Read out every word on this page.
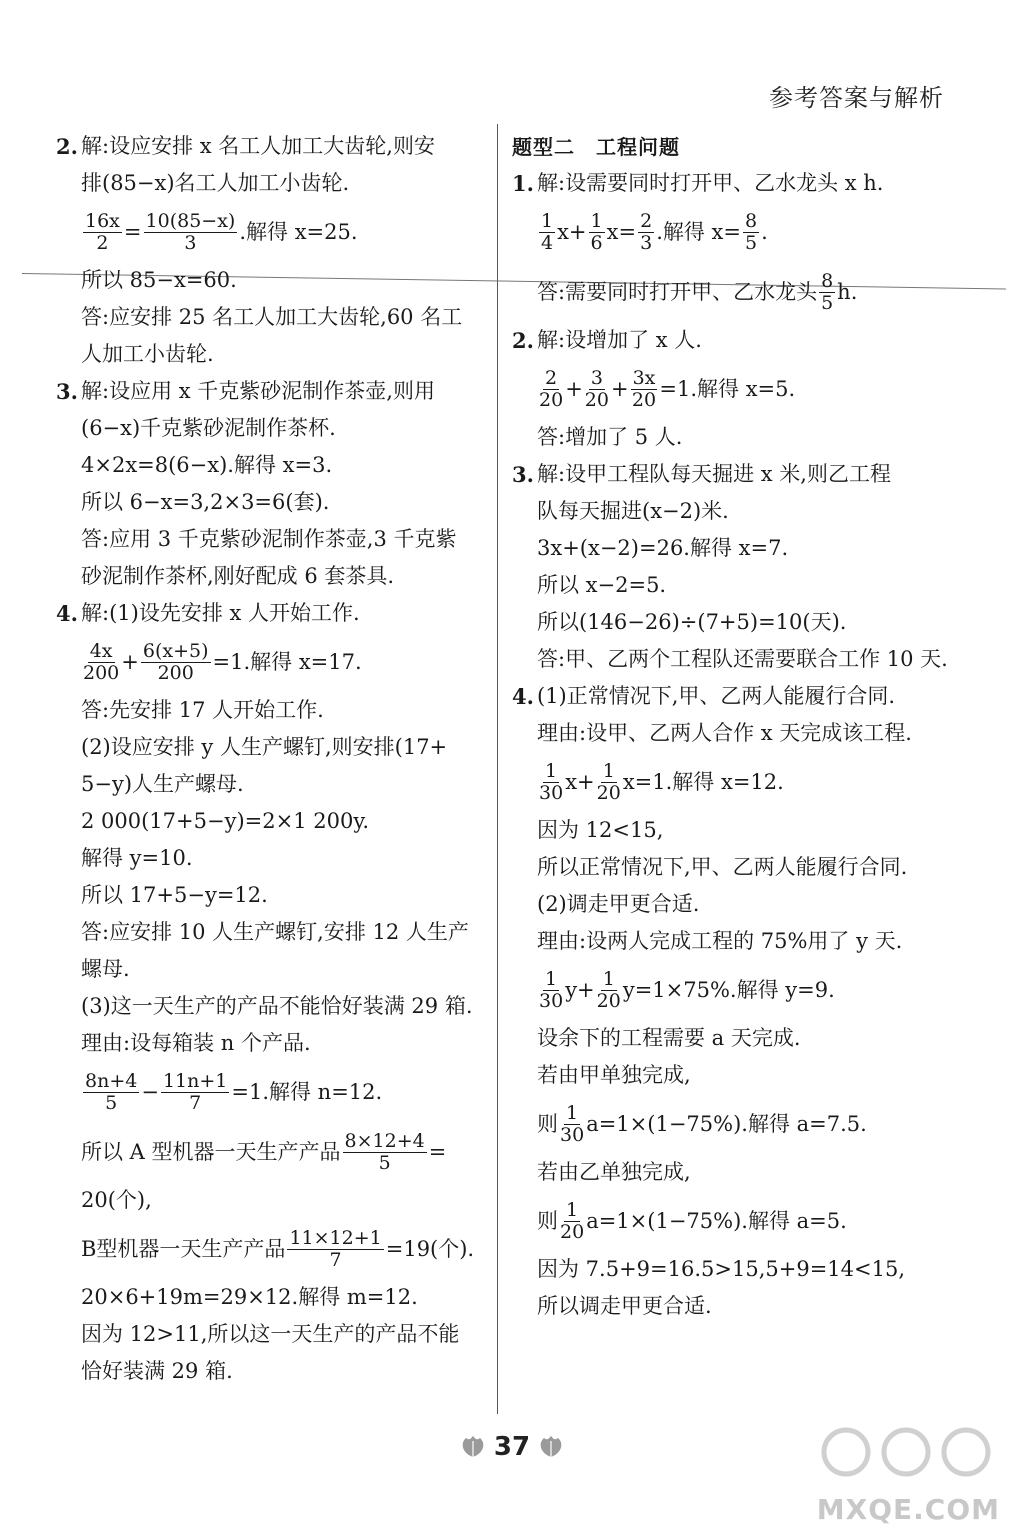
参考答案与解析
2. 解:设应安排 x 名工人加工大齿轮,则安
排(85−x)名工人加工小齿轮.
$\frac{16x}{2} = \frac{10(85-x)}{3}$ .解得 x=25.
所以 85−x=60.
答:应安排 25 名工人加工大齿轮,60 名工
人加工小齿轮.
3. 解:设应用 x 千克紫砂泥制作茶壶,则用
(6−x)千克紫砂泥制作茶杯.
4×2x=8(6−x).解得 x=3.
所以 6−x=3,2×3=6(套).
答:应用 3 千克紫砂泥制作茶壶,3 千克紫
砂泥制作茶杯,刚好配成 6 套茶具.
4. 解:(1)设先安排 x 人开始工作.
$\frac{4x}{200} + \frac{6(x+5)}{200} =1$.解得 x=17.
答:先安排 17 人开始工作.
(2)设应安排 y 人生产螺钉,则安排(17+
5−y)人生产螺母.
2 000(17+5−y)=2×1 200y.
解得 y=10.
所以 17+5−y=12.
答:应安排 10 人生产螺钉,安排 12 人生产
螺母.
(3)这一天生产的产品不能恰好装满 29 箱.
理由:设每箱装 n 个产品.
$\frac{8n+4}{5} - \frac{11n+1}{7} =1$.解得 n=12.
所以 A 型机器一天生产产品 $\frac{8\times 12+4}{5}$ =
20(个),
B型机器一天生产产品 $\frac{11\times 12+1}{7} =19$(个).
20×6+19m=29×12.解得 m=12.
因为 12>11,所以这一天生产的产品不能
恰好装满 29 箱.
题型二　工程问题
1. 解:设需要同时打开甲、乙水龙头 x h.
$\frac{1}{4} x+ \frac{1}{6} x= \frac{2}{3}$ .解得 $x= \frac{8}{5}$ .
答:需要同时打开甲、乙水龙头 $\frac{8}{5} h$.
2. 解:设增加了 x 人.
$\frac{2}{20} + \frac{3}{20} + \frac{3x}{20} =1$.解得 x=5.
答:增加了 5 人.
3. 解:设甲工程队每天掘进 x 米,则乙工程
队每天掘进(x−2)米.
3x+(x−2)=26.解得 x=7.
所以 x−2=5.
所以(146−26)÷(7+5)=10(天).
答:甲、乙两个工程队还需要联合工作 10 天.
4. (1)正常情况下,甲、乙两人能履行合同.
理由:设甲、乙两人合作 x 天完成该工程.
$\frac{1}{30} x+ \frac{1}{20} x=1$.解得 x=12.
因为 12<15,
所以正常情况下,甲、乙两人能履行合同.
(2)调走甲更合适.
理由:设两人完成工程的 75%用了 y 天.
$\frac{1}{30} y+ \frac{1}{20} y=1\times 75\%$.解得 y=9.
设余下的工程需要 a 天完成.
若由甲单独完成,
则 $\frac{1}{30} a=1\times(1-75\%)$.解得 a=7.5.
若由乙单独完成,
则 $\frac{1}{20} a=1\times(1-75\%)$.解得 a=5.
因为 7.5+9=16.5>15,5+9=14<15,
所以调走甲更合适.
37
MXQE.COM
